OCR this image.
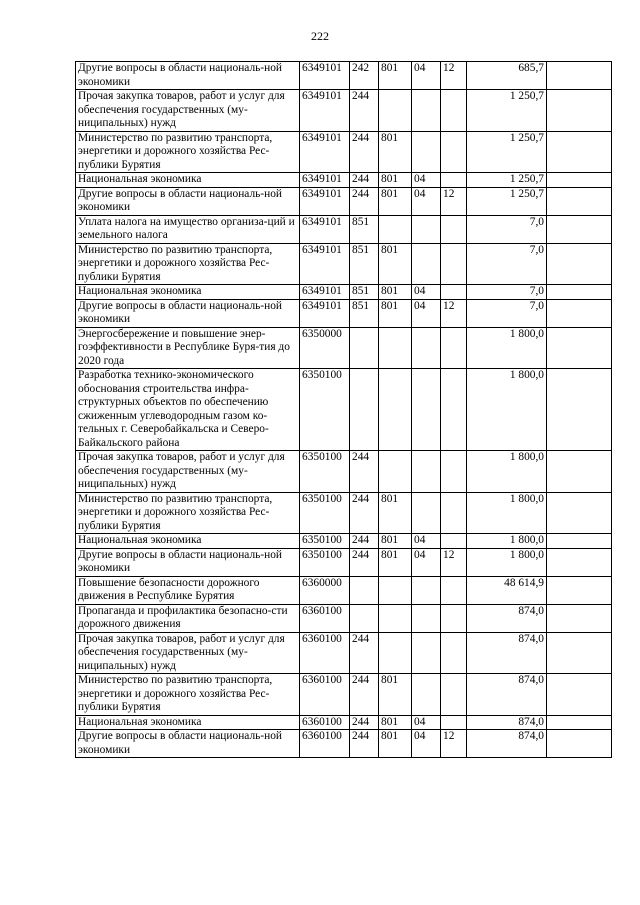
222
Другие вопросы в области националь-ной экономики	6349101	242	801	04	12	685,7	
Прочая закупка товаров, работ и услуг для обеспечения государственных (му-ниципальных) нужд	6349101	244				1 250,7	
Министерство по развитию транспорта, энергетики и дорожного хозяйства Рес-публики Бурятия	6349101	244	801			1 250,7	
Национальная экономика	6349101	244	801	04		1 250,7	
Другие вопросы в области националь-ной экономики	6349101	244	801	04	12	1 250,7	
Уплата налога на имущество организа-ций и земельного налога	6349101	851				7,0	
Министерство по развитию транспорта, энергетики и дорожного хозяйства Рес-публики Бурятия	6349101	851	801			7,0	
Национальная экономика	6349101	851	801	04		7,0	
Другие вопросы в области националь-ной экономики	6349101	851	801	04	12	7,0	
Энергосбережение и повышение энер-гоэффективности в Республике Буря-тия до 2020 года	6350000					1 800,0	
Разработка технико-экономического обоснования строительства инфра-структурных объектов по обеспечению сжиженным углеводородным газом ко-тельных г. Северобайкальска и Северо-Байкальского района	6350100					1 800,0	
Прочая закупка товаров, работ и услуг для обеспечения государственных (му-ниципальных) нужд	6350100	244				1 800,0	
Министерство по развитию транспорта, энергетики и дорожного хозяйства Рес-публики Бурятия	6350100	244	801			1 800,0	
Национальная экономика	6350100	244	801	04		1 800,0	
Другие вопросы в области националь-ной экономики	6350100	244	801	04	12	1 800,0	
Повышение безопасности дорожного движения в Республике Бурятия	6360000					48 614,9	
Пропаганда и профилактика безопасно-сти дорожного движения	6360100					874,0	
Прочая закупка товаров, работ и услуг для обеспечения государственных (му-ниципальных) нужд	6360100	244				874,0	
Министерство по развитию транспорта, энергетики и дорожного хозяйства Рес-публики Бурятия	6360100	244	801			874,0	
Национальная экономика	6360100	244	801	04		874,0	
Другие вопросы в области националь-ной экономики	6360100	244	801	04	12	874,0	
